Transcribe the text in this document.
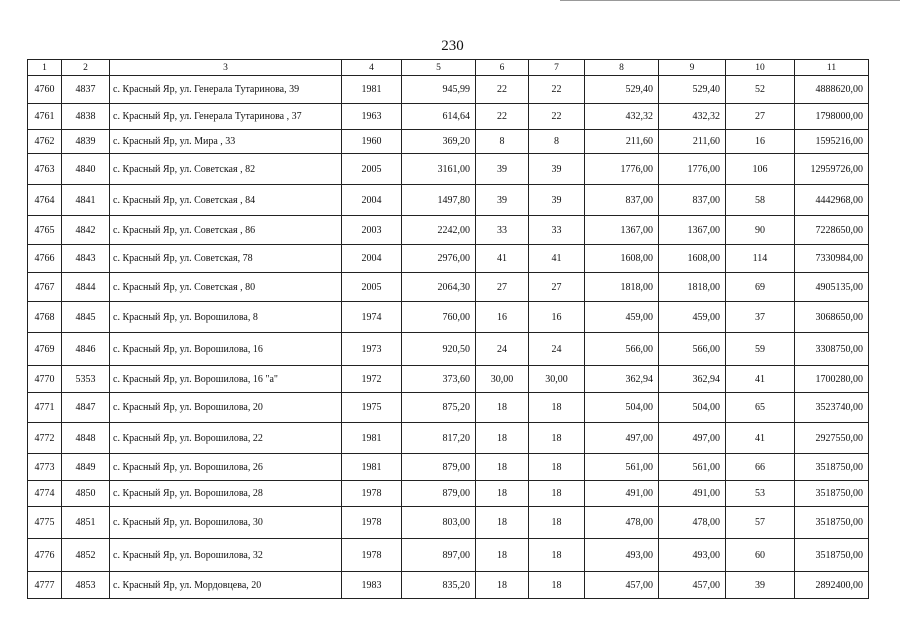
230
1	2	3	4	5	6	7	8	9	10	11
4760	4837	с. Красный Яр, ул. Генерала Тутаринова, 39	1981	945,99	22	22	529,40	529,40	52	4888620,00
4761	4838	с. Красный Яр, ул. Генерала Тутаринова , 37	1963	614,64	22	22	432,32	432,32	27	1798000,00
4762	4839	с. Красный Яр, ул. Мира , 33	1960	369,20	8	8	211,60	211,60	16	1595216,00
4763	4840	с. Красный Яр, ул. Советская , 82	2005	3161,00	39	39	1776,00	1776,00	106	12959726,00
4764	4841	с. Красный Яр, ул. Советская , 84	2004	1497,80	39	39	837,00	837,00	58	4442968,00
4765	4842	с. Красный Яр, ул. Советская , 86	2003	2242,00	33	33	1367,00	1367,00	90	7228650,00
4766	4843	с. Красный Яр, ул. Советская, 78	2004	2976,00	41	41	1608,00	1608,00	114	7330984,00
4767	4844	с. Красный Яр, ул. Советская , 80	2005	2064,30	27	27	1818,00	1818,00	69	4905135,00
4768	4845	с. Красный Яр, ул. Ворошилова, 8	1974	760,00	16	16	459,00	459,00	37	3068650,00
4769	4846	с. Красный Яр, ул. Ворошилова, 16	1973	920,50	24	24	566,00	566,00	59	3308750,00
4770	5353	с. Красный Яр, ул. Ворошилова, 16 "а"	1972	373,60	30,00	30,00	362,94	362,94	41	1700280,00
4771	4847	с. Красный Яр, ул. Ворошилова, 20	1975	875,20	18	18	504,00	504,00	65	3523740,00
4772	4848	с. Красный Яр, ул. Ворошилова, 22	1981	817,20	18	18	497,00	497,00	41	2927550,00
4773	4849	с. Красный Яр, ул. Ворошилова, 26	1981	879,00	18	18	561,00	561,00	66	3518750,00
4774	4850	с. Красный Яр, ул. Ворошилова, 28	1978	879,00	18	18	491,00	491,00	53	3518750,00
4775	4851	с. Красный Яр, ул. Ворошилова, 30	1978	803,00	18	18	478,00	478,00	57	3518750,00
4776	4852	с. Красный Яр, ул. Ворошилова, 32	1978	897,00	18	18	493,00	493,00	60	3518750,00
4777	4853	с. Красный Яр, ул. Мордовцева, 20	1983	835,20	18	18	457,00	457,00	39	2892400,00
